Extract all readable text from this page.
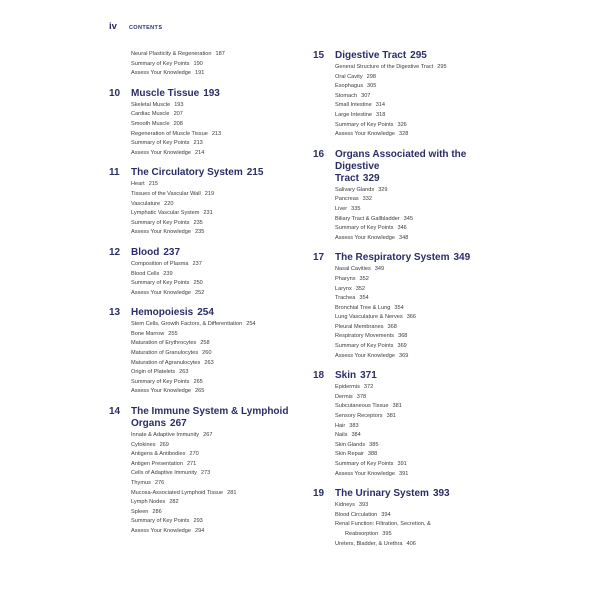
iv CONTENTS
Neural Plasticity & Regeneration 187
Summary of Key Points 190
Assess Your Knowledge 191
10	Muscle Tissue 193
Skeletal Muscle 193
Cardiac Muscle 207
Smooth Muscle 208
Regeneration of Muscle Tissue 213
Summary of Key Points 213
Assess Your Knowledge 214
11	The Circulatory System 215
Heart 215
Tissues of the Vascular Wall 219
Vasculature 220
Lymphatic Vascular System 231
Summary of Key Points 235
Assess Your Knowledge 235
12	Blood 237
Composition of Plasma 237
Blood Cells 239
Summary of Key Points 250
Assess Your Knowledge 252
13	Hemopoiesis 254
Stem Cells, Growth Factors, & Differentiation 254
Bone Marrow 255
Maturation of Erythrocytes 258
Maturation of Granulocytes 260
Maturation of Agranulocytes 263
Origin of Platelets 263
Summary of Key Points 265
Assess Your Knowledge 265
14	The Immune System & Lymphoid
Organs 267
Innate & Adaptive Immunity 267
Cytokines 269
Antigens & Antibodies 270
Antigen Presentation 271
Cells of Adaptive Immunity 273
Thymus 276
Mucosa-Associated Lymphoid Tissue 281
Lymph Nodes 282
Spleen 286
Summary of Key Points 293
Assess Your Knowledge 294
15	Digestive Tract 295
General Structure of the Digestive Tract 295
Oral Cavity 298
Esophagus 305
Stomach 307
Small Intestine 314
Large Intestine 318
Summary of Key Points 326
Assess Your Knowledge 328
16	Organs Associated with the Digestive
Tract 329
Salivary Glands 329
Pancreas 332
Liver 335
Biliary Tract & Gallbladder 345
Summary of Key Points 346
Assess Your Knowledge 348
17	The Respiratory System 349
Nasal Cavities 349
Pharynx 352
Larynx 352
Trachea 354
Bronchial Tree & Lung 354
Lung Vasculature & Nerves 366
Pleural Membranes 368
Respiratory Movements 368
Summary of Key Points 369
Assess Your Knowledge 369
18	Skin 371
Epidermis 372
Dermis 378
Subcutaneous Tissue 381
Sensory Receptors 381
Hair 383
Nails 384
Skin Glands 385
Skin Repair 388
Summary of Key Points 391
Assess Your Knowledge 391
19	The Urinary System 393
Kidneys 393
Blood Circulation 394
Renal Function: Filtration, Secretion, &
Reabsorption 395
Ureters, Bladder, & Urethra 406
